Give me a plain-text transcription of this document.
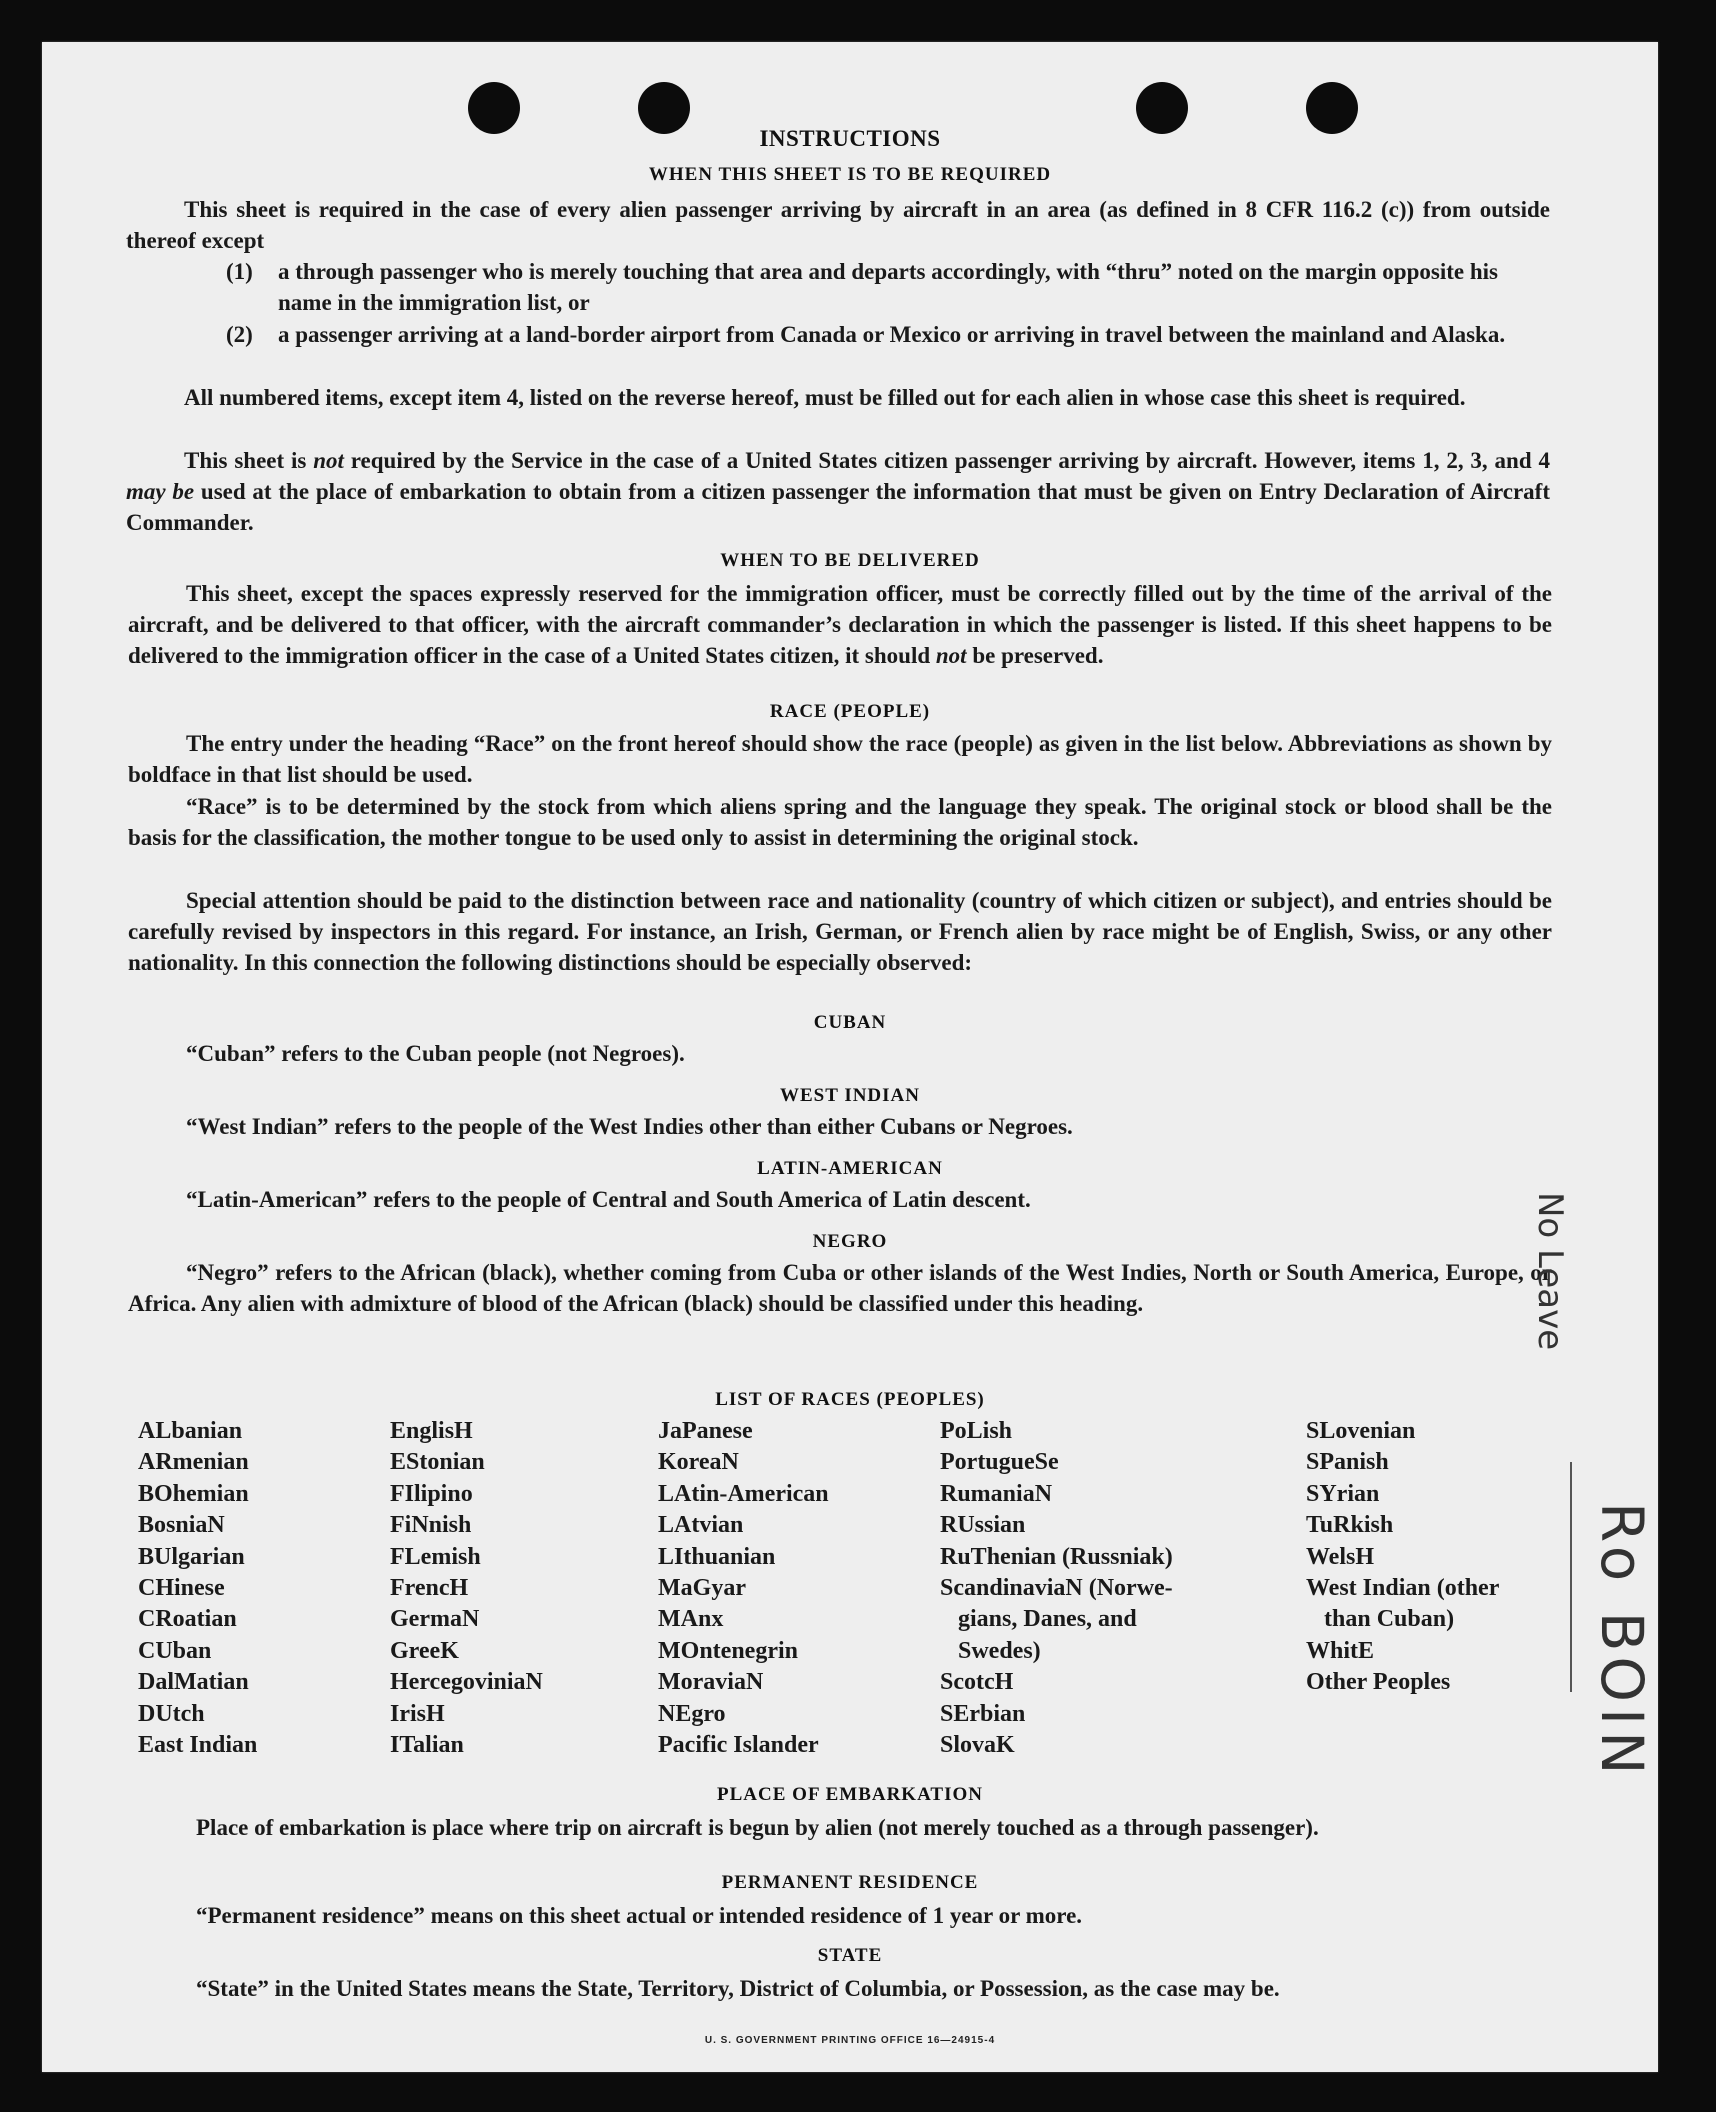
INSTRUCTIONS
WHEN THIS SHEET IS TO BE REQUIRED
This sheet is required in the case of every alien passenger arriving by aircraft in an area (as defined in 8 CFR 116.2 (c)) from outside thereof except
(1) a through passenger who is merely touching that area and departs accordingly, with “thru” noted on the margin opposite his name in the immigration list, or
(2) a passenger arriving at a land-border airport from Canada or Mexico or arriving in travel between the mainland and Alaska.
All numbered items, except item 4, listed on the reverse hereof, must be filled out for each alien in whose case this sheet is required.
This sheet is not required by the Service in the case of a United States citizen passenger arriving by aircraft. However, items 1, 2, 3, and 4 may be used at the place of embarkation to obtain from a citizen passenger the information that must be given on Entry Declaration of Aircraft Commander.
WHEN TO BE DELIVERED
This sheet, except the spaces expressly reserved for the immigration officer, must be correctly filled out by the time of the arrival of the aircraft, and be delivered to that officer, with the aircraft commander’s declaration in which the passenger is listed. If this sheet happens to be delivered to the immigration officer in the case of a United States citizen, it should not be preserved.
RACE (PEOPLE)
The entry under the heading “Race” on the front hereof should show the race (people) as given in the list below. Abbreviations as shown by boldface in that list should be used.
“Race” is to be determined by the stock from which aliens spring and the language they speak. The original stock or blood shall be the basis for the classification, the mother tongue to be used only to assist in determining the original stock.
Special attention should be paid to the distinction between race and nationality (country of which citizen or subject), and entries should be carefully revised by inspectors in this regard. For instance, an Irish, German, or French alien by race might be of English, Swiss, or any other nationality. In this connection the following distinctions should be especially observed:
CUBAN
“Cuban” refers to the Cuban people (not Negroes).
WEST INDIAN
“West Indian” refers to the people of the West Indies other than either Cubans or Negroes.
LATIN-AMERICAN
“Latin-American” refers to the people of Central and South America of Latin descent.
NEGRO
“Negro” refers to the African (black), whether coming from Cuba or other islands of the West Indies, North or South America, Europe, or Africa. Any alien with admixture of blood of the African (black) should be classified under this heading.
LIST OF RACES (PEOPLES)
ALbanian
ARmenian
BOhemian
BosniaN
BUlgarian
CHinese
CRoatian
CUban
DalMatian
DUtch
East Indian
EnglisH
EStonian
FIlipino
FiNnish
FLemish
FrencH
GermaN
GreeK
HercegoviniaN
IrisH
ITalian
JaPanese
KoreaN
LAtin-American
LAtvian
LIthuanian
MaGyar
MAnx
MOntenegrin
MoraviaN
NEgro
Pacific Islander
PoLish
PortugueSe
RumaniaN
RUssian
RuThenian (Russniak)
ScandinaviaN (Norwe-
gians, Danes, and
Swedes)
ScotcH
SErbian
SlovaK
SLovenian
SPanish
SYrian
TuRkish
WelsH
West Indian (other
than Cuban)
WhitE
Other Peoples
PLACE OF EMBARKATION
Place of embarkation is place where trip on aircraft is begun by alien (not merely touched as a through passenger).
PERMANENT RESIDENCE
“Permanent residence” means on this sheet actual or intended residence of 1 year or more.
STATE
“State” in the United States means the State, Territory, District of Columbia, or Possession, as the case may be.
U. S. GOVERNMENT PRINTING OFFICE 16—24915-4
No Leave
Ro BOIN
